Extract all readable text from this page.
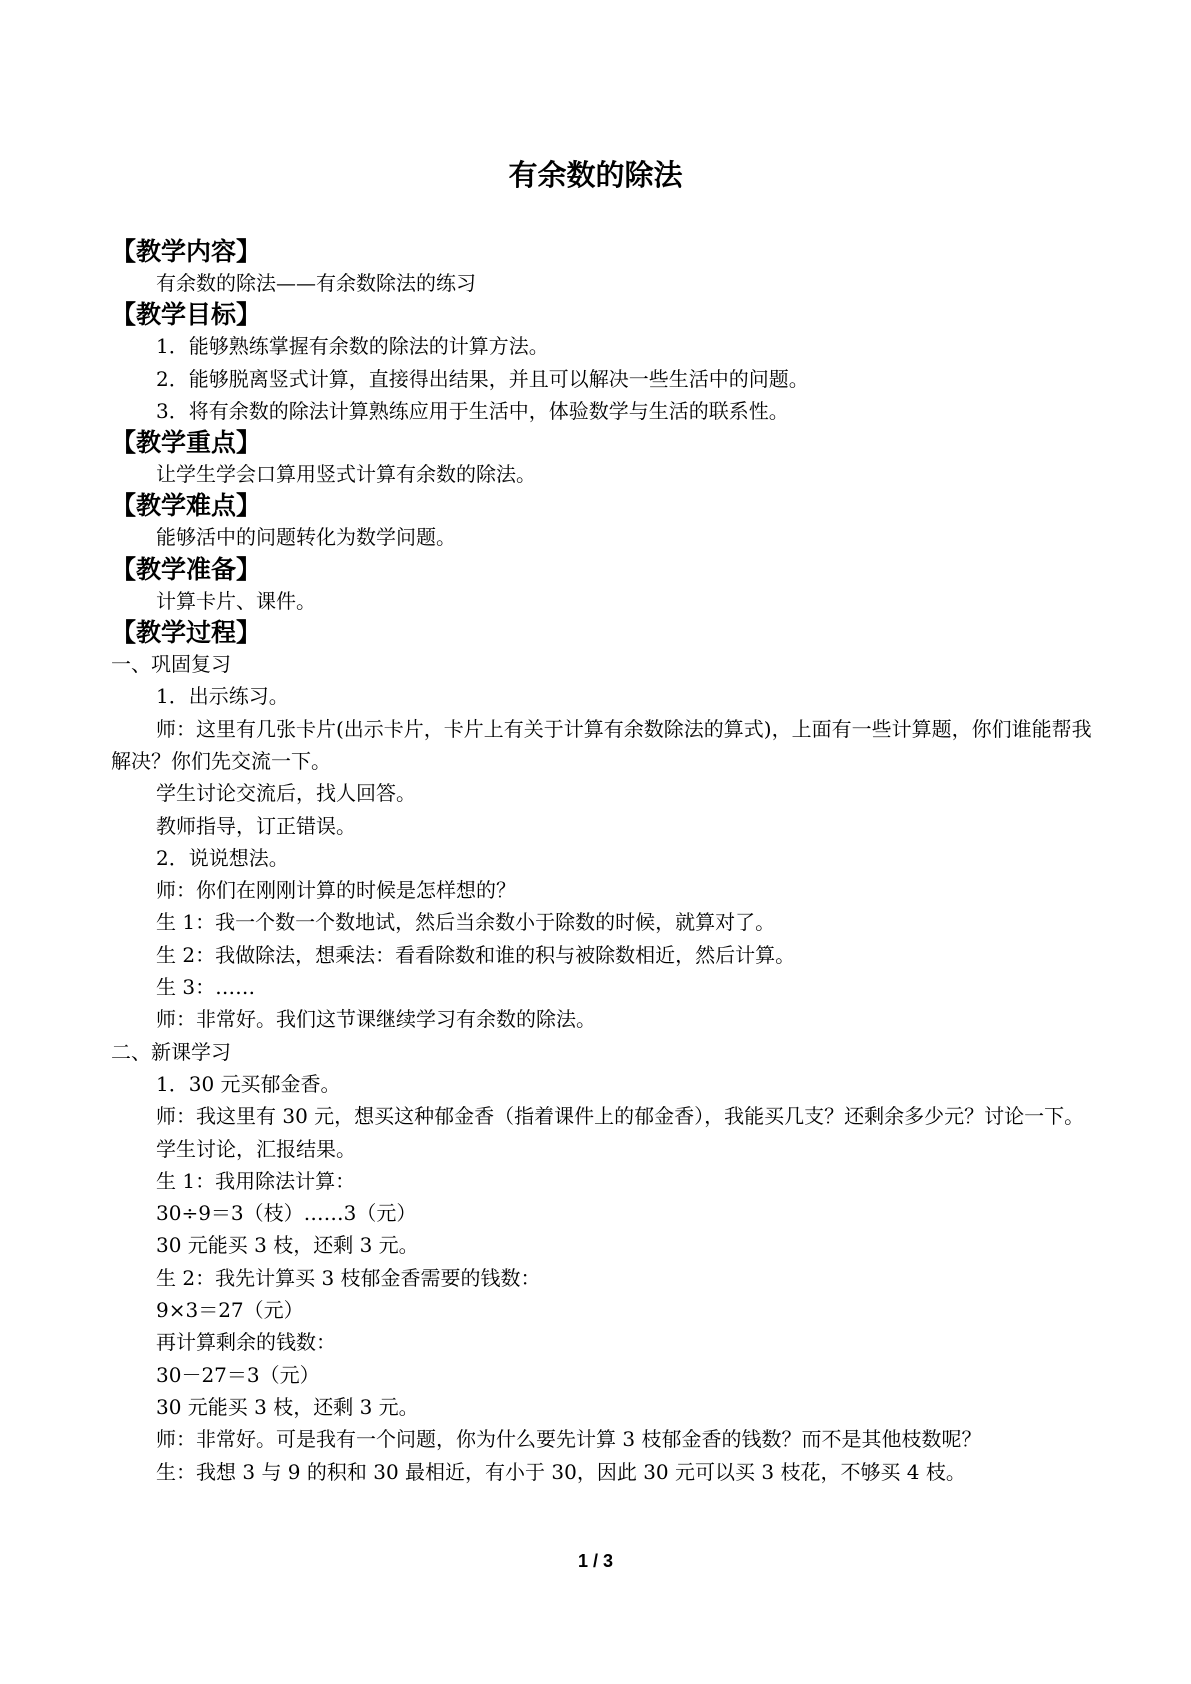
有余数的除法
【教学内容】
有余数的除法——有余数除法的练习
【教学目标】
1．能够熟练掌握有余数的除法的计算方法。
2．能够脱离竖式计算，直接得出结果，并且可以解决一些生活中的问题。
3．将有余数的除法计算熟练应用于生活中，体验数学与生活的联系性。
【教学重点】
让学生学会口算用竖式计算有余数的除法。
【教学难点】
能够活中的问题转化为数学问题。
【教学准备】
计算卡片、课件。
【教学过程】
一、巩固复习
1．出示练习。
师：这里有几张卡片(出示卡片，卡片上有关于计算有余数除法的算式)，上面有一些计算题，你们谁能帮我解决？你们先交流一下。
学生讨论交流后，找人回答。
教师指导，订正错误。
2．说说想法。
师：你们在刚刚计算的时候是怎样想的？
生 1：我一个数一个数地试，然后当余数小于除数的时候，就算对了。
生 2：我做除法，想乘法：看看除数和谁的积与被除数相近，然后计算。
生 3：……
师：非常好。我们这节课继续学习有余数的除法。
二、新课学习
1．30 元买郁金香。
师：我这里有 30 元，想买这种郁金香（指着课件上的郁金香），我能买几支？还剩余多少元？讨论一下。
学生讨论，汇报结果。
生 1：我用除法计算：
30÷9＝3（枝）……3（元）
30 元能买 3 枝，还剩 3 元。
生 2：我先计算买 3 枝郁金香需要的钱数：
9×3＝27（元）
再计算剩余的钱数：
30－27＝3（元）
30 元能买 3 枝，还剩 3 元。
师：非常好。可是我有一个问题，你为什么要先计算 3 枝郁金香的钱数？而不是其他枝数呢？
生：我想 3 与 9 的积和 30 最相近，有小于 30，因此 30 元可以买 3 枝花，不够买 4 枝。
1 / 3
